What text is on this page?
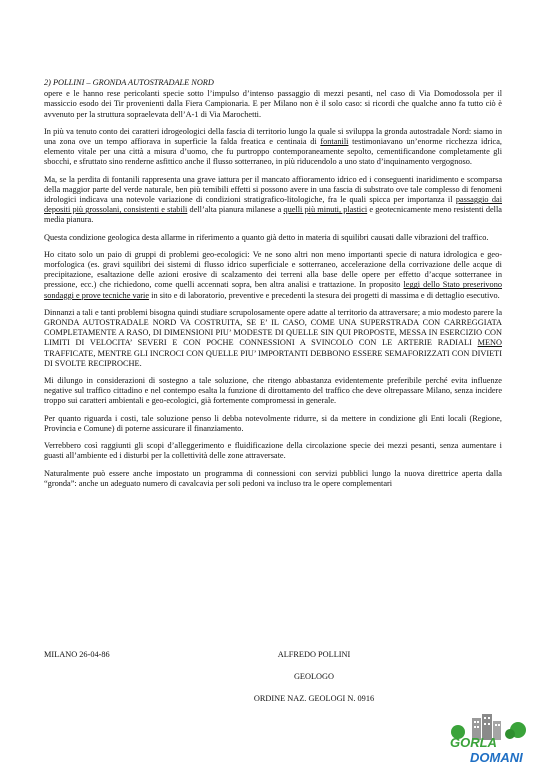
2) POLLINI – GRONDA AUTOSTRADALE NORD

opere e le hanno rese pericolanti specie sotto l’impulso d’intenso passaggio di mezzi pesanti, nel caso di Via Domodossola per il massiccio esodo dei Tir provenienti dalla Fiera Campionaria. E per Milano non è il solo caso: si ricordi che qualche anno fa tutto ciò è avvenuto per la struttura sopraelevata dell’A-1 di Via Marochetti.

In più va tenuto conto dei caratteri idrogeologici della fascia di territorio lungo la quale si sviluppa la gronda autostradale Nord: siamo in una zona ove un tempo affiorava in superficie la falda freatica e centinaia di fontanili testimoniavano un’enorme ricchezza idrica, elemento vitale per una città a misura d’uomo, che fu purtroppo contemporaneamente sepolto, cementificandone completamente gli sbocchi, e sfruttato sino renderne asfittico anche il flusso sotterraneo, in più riducendolo a uno stato d’inquinamento vergognoso.

Ma, se la perdita di fontanili rappresenta una grave iattura per il mancato affioramento idrico ed i conseguenti inaridimento e scomparsa della maggior parte del verde naturale, ben più temibili effetti si possono avere in una fascia di substrato ove tale complesso di fenomeni idrologici indicava una notevole variazione di condizioni stratigrafico-litologiche, fra le quali spicca per importanza il passaggio dai depositi più grossolani, consistenti e stabili dell’alta pianura milanese a quelli più minuti, plastici e geotecnicamente meno resistenti della media pianura.

Questa condizione geologica desta allarme in riferimento a quanto già detto in materia di squilibri causati dalle vibrazioni del traffico.

Ho citato solo un paio di gruppi di problemi geo-ecologici: Ve ne sono altri non meno importanti specie di natura idrologica e geo-morfologica (es. gravi squilibri dei sistemi di flusso idrico superficiale e sotterraneo, accelerazione della corrivazione delle acque di precipitazione, esaltazione delle azioni erosive di scalzamento dei terreni alla base delle opere per effetto d’acque sotterranee in pressione, ecc.) che richiedono, come quelli accennati sopra, ben altra analisi e trattazione. In proposito leggi dello Stato preserivono sondaggi e prove tecniche varie in sito e di laboratorio, preventive e precedenti la stesura dei progetti di massima e di dettaglio esecutivo.

Dinnanzi a tali e tanti problemi bisogna quindi studiare scrupolosamente opere adatte al territorio da attraversare; a mio modesto parere la GRONDA AUTOSTRADALE NORD VA COSTRUITA, SE E’ IL CASO, COME UNA SUPERSTRADA CON CARREGGIATA COMPLETAMENTE A RASO, DI DIMENSIONI PIU’ MODESTE DI QUELLE SIN QUI PROPOSTE, MESSA IN ESERCIZIO CON LIMITI DI VELOCITA’ SEVERI E CON POCHE CONNESSIONI A SVINCOLO CON LE ARTERIE RADIALI MENO TRAFFICATE, MENTRE GLI INCROCI CON QUELLE PIU’ IMPORTANTI DEBBONO ESSERE SEMAFORIZZATI CON DIVIETI DI SVOLTE RECIPROCHE.

Mi dilungo in considerazioni di sostegno a tale soluzione, che ritengo abbastanza evidentemente preferibile perché evita influenze negative sul traffico cittadino e nel contempo esalta la funzione di dirottamento del traffico che deve oltrepassare Milano, senza incidere troppo sui caratteri ambientali e geo-ecologici, già fortemente compromessi in generale.

Per quanto riguarda i costi, tale soluzione penso li debba notevolmente ridurre, si da mettere in condizione gli Enti locali (Regione, Provincia e Comune) di poterne assicurare il finanziamento.

Verrebbero così raggiunti gli scopi d’alleggerimento e fluidificazione della circolazione specie dei mezzi pesanti, senza aumentare i guasti all’ambiente ed i disturbi per la collettività delle zone attraversate.

Naturalmente può essere anche impostato un programma di connessioni con servizi pubblici lungo la nuova direttrice aperta dalla “gronda”: anche un adeguato numero di cavalcavia per soli pedoni va incluso tra le opere complementari

MILANO 26-04-86	ALFREDO POLLINI
GEOLOGO
ORDINE NAZ. GEOLOGI N. 0916
GORLA
DOMANI
